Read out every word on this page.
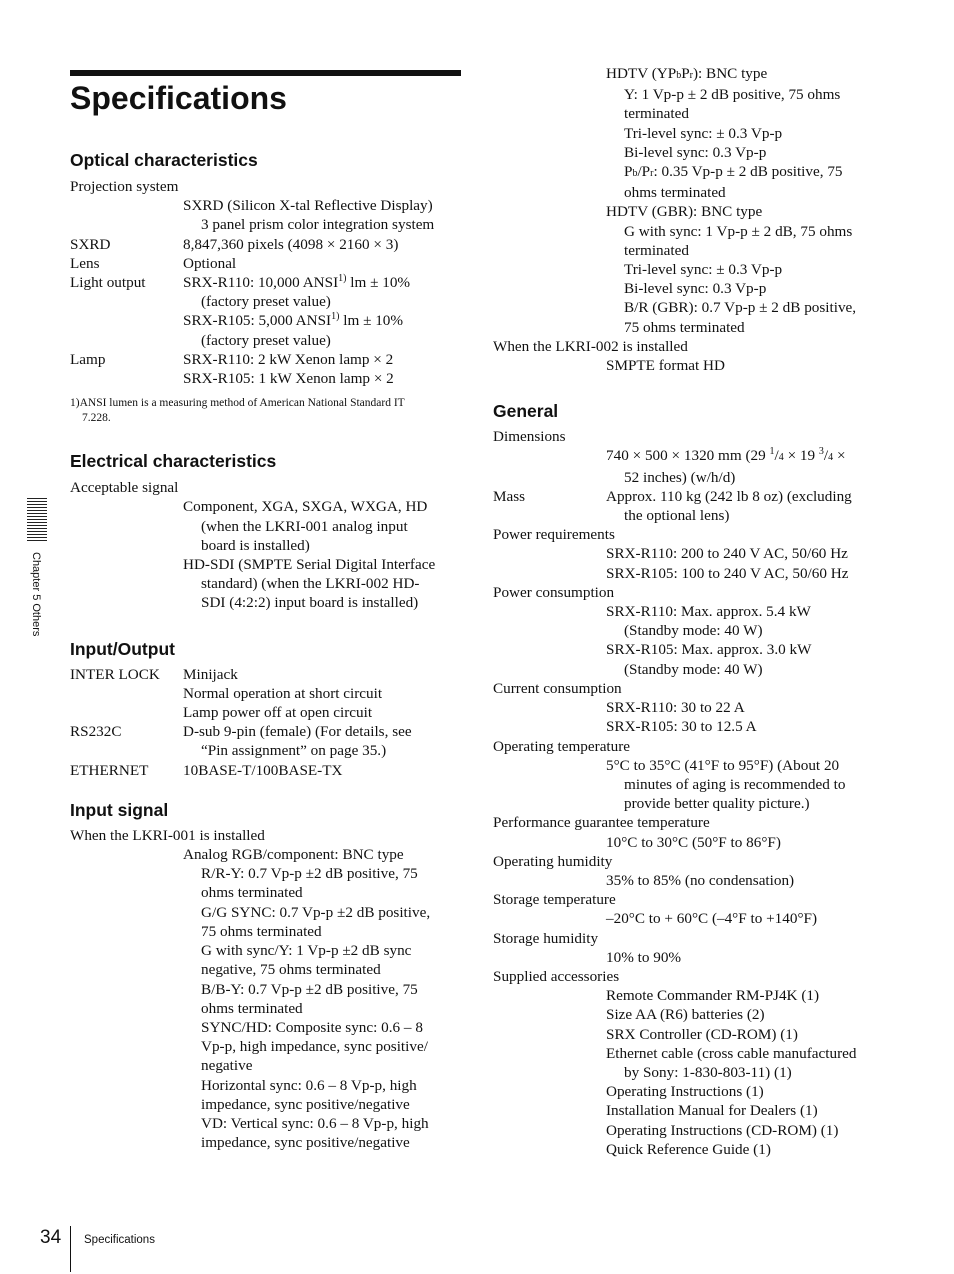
Specifications
Chapter 5 Others
Optical characteristics
Projection system
SXRD (Silicon X-tal Reflective Display)
3 panel prism color integration system
SXRD	8,847,360 pixels (4098 × 2160 × 3)
Lens	Optional
Light output SRX-R110: 10,000 ANSI$^{1)}$ lm ± 10%
(factory preset value)
SRX-R105: 5,000 ANSI$^{1)}$ lm ± 10%
(factory preset value)
Lamp	SRX-R110: 2 kW Xenon lamp × 2
SRX-R105: 1 kW Xenon lamp × 2
1)ANSI lumen is a measuring method of American National Standard IT
7.228.
Electrical characteristics
Acceptable signal
Component, XGA, SXGA, WXGA, HD
(when the LKRI-001 analog input
board is installed)
HD-SDI (SMPTE Serial Digital Interface
standard) (when the LKRI-002 HD-
SDI (4:2:2) input board is installed)
Input/Output
INTER LOCK Minijack
Normal operation at short circuit
Lamp power off at open circuit
RS232C	D-sub 9-pin (female) (For details, see
“Pin assignment” on page 35.)
ETHERNET 10BASE-T/100BASE-TX
Input signal
When the LKRI-001 is installed
Analog RGB/component: BNC type
R/R-Y: 0.7 Vp-p ±2 dB positive, 75
ohms terminated
G/G SYNC: 0.7 Vp-p ±2 dB positive,
75 ohms terminated
G with sync/Y: 1 Vp-p ±2 dB sync
negative, 75 ohms terminated
B/B-Y: 0.7 Vp-p ±2 dB positive, 75
ohms terminated
SYNC/HD: Composite sync: 0.6 – 8
Vp-p, high impedance, sync positive/
negative
Horizontal sync: 0.6 – 8 Vp-p, high
impedance, sync positive/negative
VD: Vertical sync: 0.6 – 8 Vp-p, high
impedance, sync positive/negative
HDTV (YPbPr): BNC type
Y: 1 Vp-p ± 2 dB positive, 75 ohms
terminated
Tri-level sync: ± 0.3 Vp-p
Bi-level sync: 0.3 Vp-p
Pb/Pr: 0.35 Vp-p ± 2 dB positive, 75
ohms terminated
HDTV (GBR): BNC type
G with sync: 1 Vp-p ± 2 dB, 75 ohms
terminated
Tri-level sync: ± 0.3 Vp-p
Bi-level sync: 0.3 Vp-p
B/R (GBR): 0.7 Vp-p ± 2 dB positive,
75 ohms terminated
When the LKRI-002 is installed
SMPTE format HD
General
Dimensions
740 × 500 × 1320 mm (29 $^1$/4 × 19 $^3$/4 ×
52 inches) (w/h/d)
Mass	Approx. 110 kg (242 lb 8 oz) (excluding
the optional lens)
Power requirements
SRX-R110: 200 to 240 V AC, 50/60 Hz
SRX-R105: 100 to 240 V AC, 50/60 Hz
Power consumption
SRX-R110: Max. approx. 5.4 kW
(Standby mode: 40 W)
SRX-R105: Max. approx. 3.0 kW
(Standby mode: 40 W)
Current consumption
SRX-R110: 30 to 22 A
SRX-R105: 30 to 12.5 A
Operating temperature
5°C to 35°C (41°F to 95°F) (About 20
minutes of aging is recommended to
provide better quality picture.)
Performance guarantee temperature
10°C to 30°C (50°F to 86°F)
Operating humidity
35% to 85% (no condensation)
Storage temperature
–20°C to + 60°C (–4°F to +140°F)
Storage humidity
10% to 90%
Supplied accessories
Remote Commander RM-PJ4K (1)
Size AA (R6) batteries (2)
SRX Controller (CD-ROM) (1)
Ethernet cable (cross cable manufactured
by Sony: 1-830-803-11) (1)
Operating Instructions (1)
Installation Manual for Dealers (1)
Operating Instructions (CD-ROM) (1)
Quick Reference Guide (1)
34 Specifications
